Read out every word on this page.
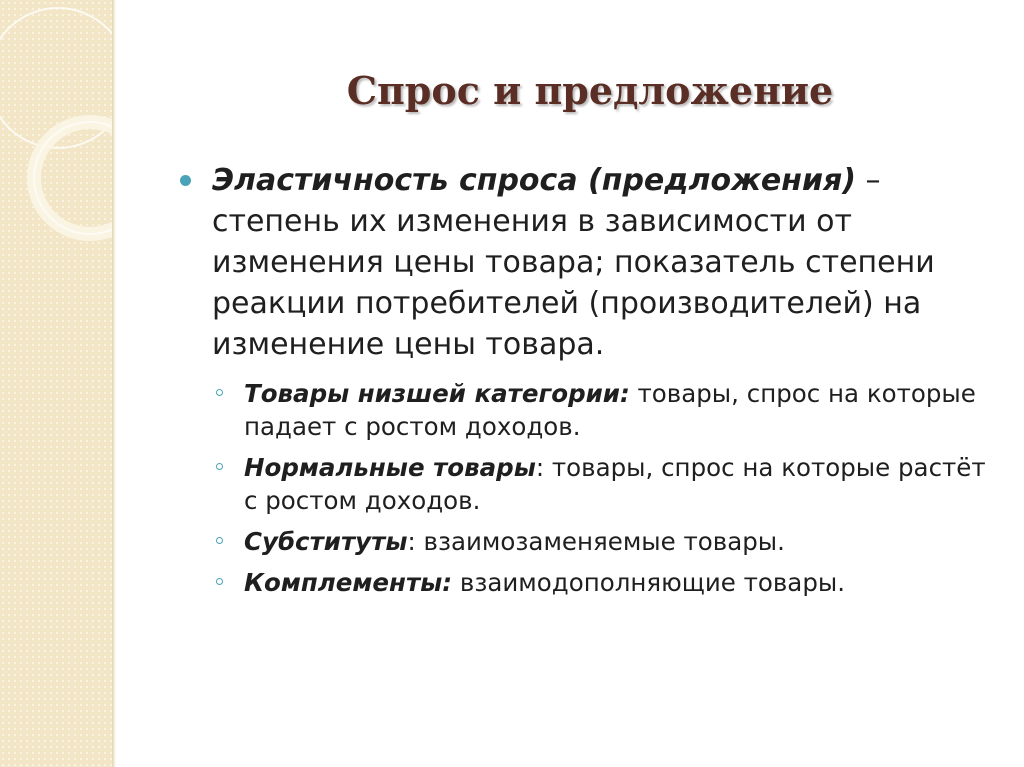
Спрос и предложение
Эластичность спроса (предложения) – степень их изменения в зависимости от изменения цены товара; показатель степени реакции потребителей (производителей) на изменение цены товара.
Товары низшей категории: товары, спрос на которые падает с ростом доходов.
Нормальные товары: товары, спрос на которые растёт с ростом доходов.
Субституты: взаимозаменяемые товары.
Комплементы: взаимодополняющие товары.
